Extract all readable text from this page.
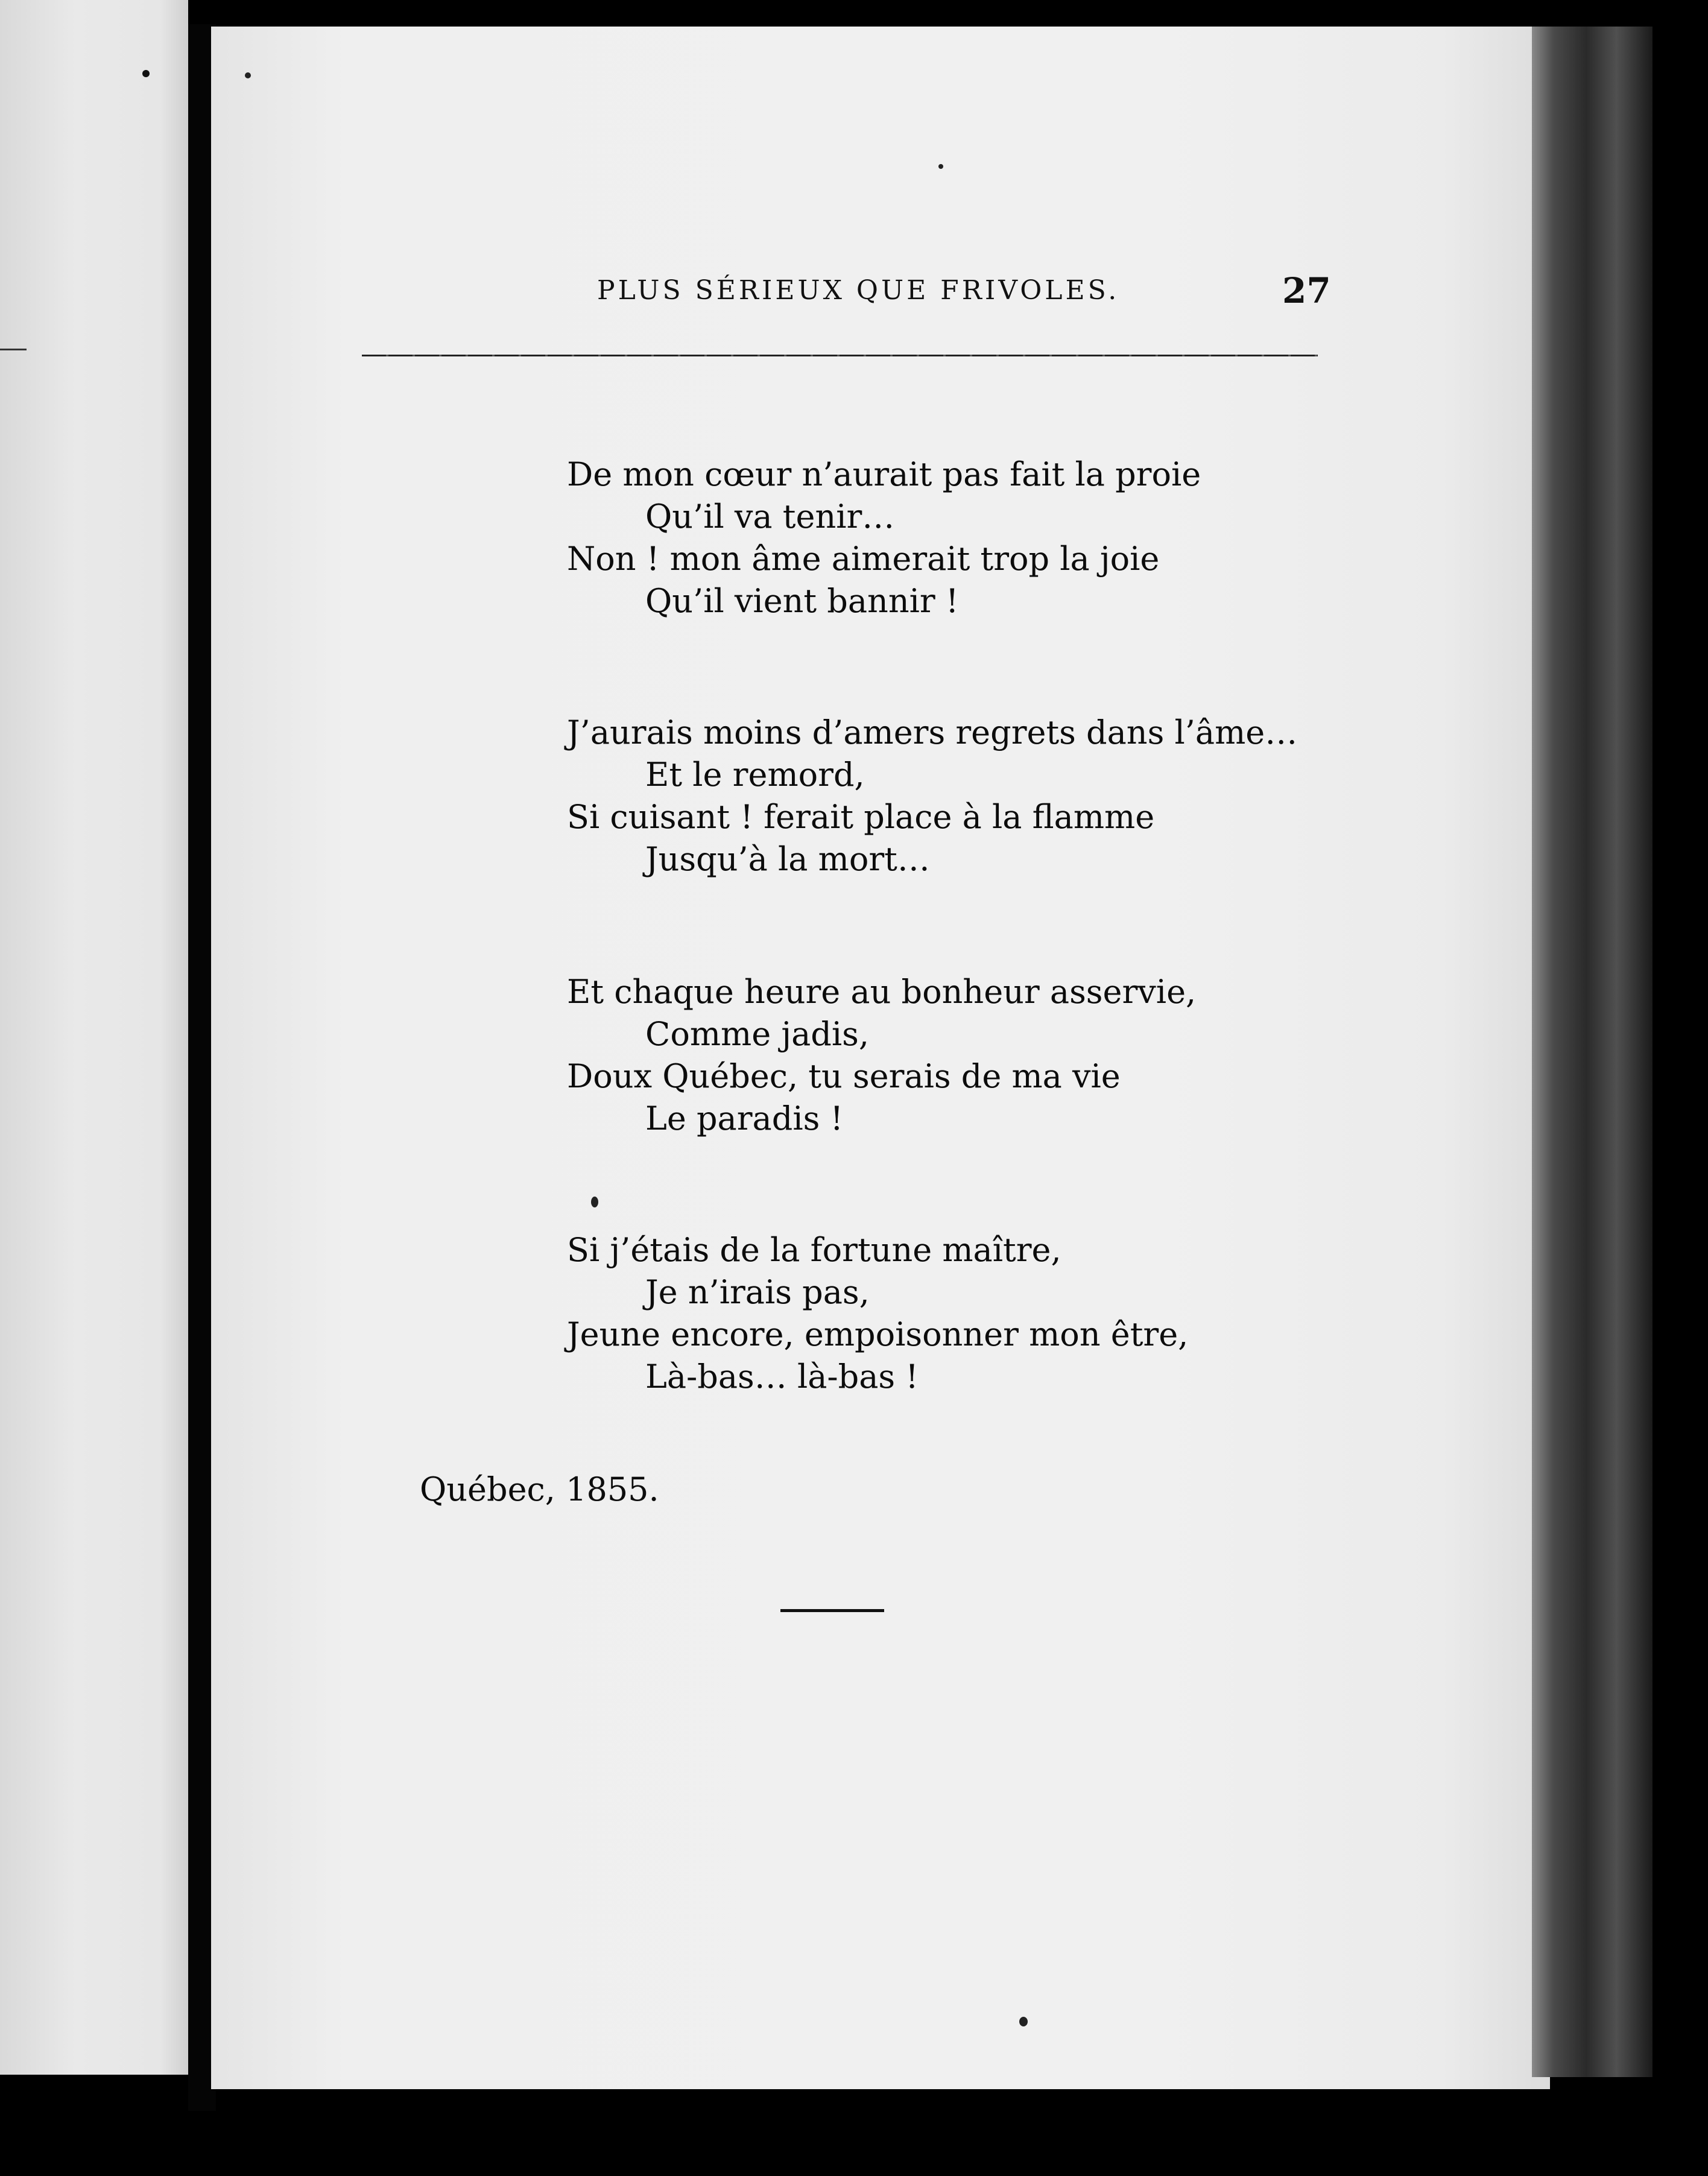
PLUS SÉRIEUX QUE FRIVOLES.	27
De mon cœur n’aurait pas fait la proie
Qu’il va tenir…
Non ! mon âme aimerait trop la joie
Qu’il vient bannir !
J’aurais moins d’amers regrets dans l’âme…
Et le remord,
Si cuisant ! ferait place à la flamme
Jusqu’à la mort…
Et chaque heure au bonheur asservie,
Comme jadis,
Doux Québec, tu serais de ma vie
Le paradis !
Si j’étais de la fortune maître,
Je n’irais pas,
Jeune encore, empoisonner mon être,
Là-bas… là-bas !
Québec, 1855.
